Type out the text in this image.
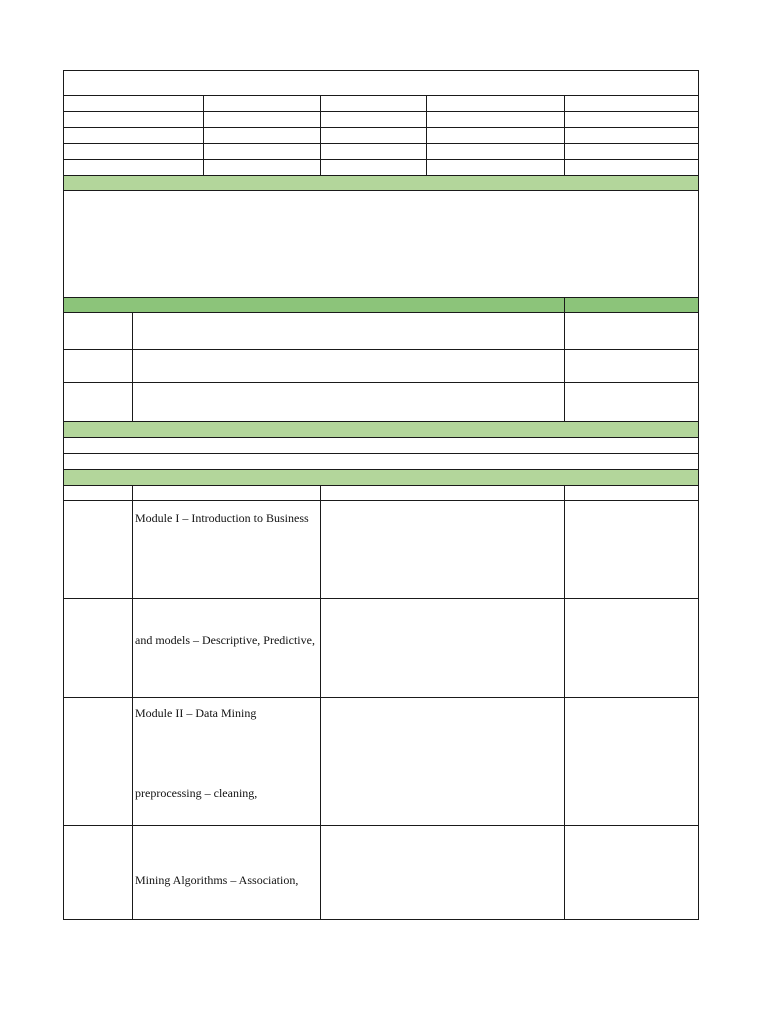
Module I – Introduction to Business
and models – Descriptive, Predictive,
Module II – Data Mining
preprocessing – cleaning,
Mining Algorithms – Association,
